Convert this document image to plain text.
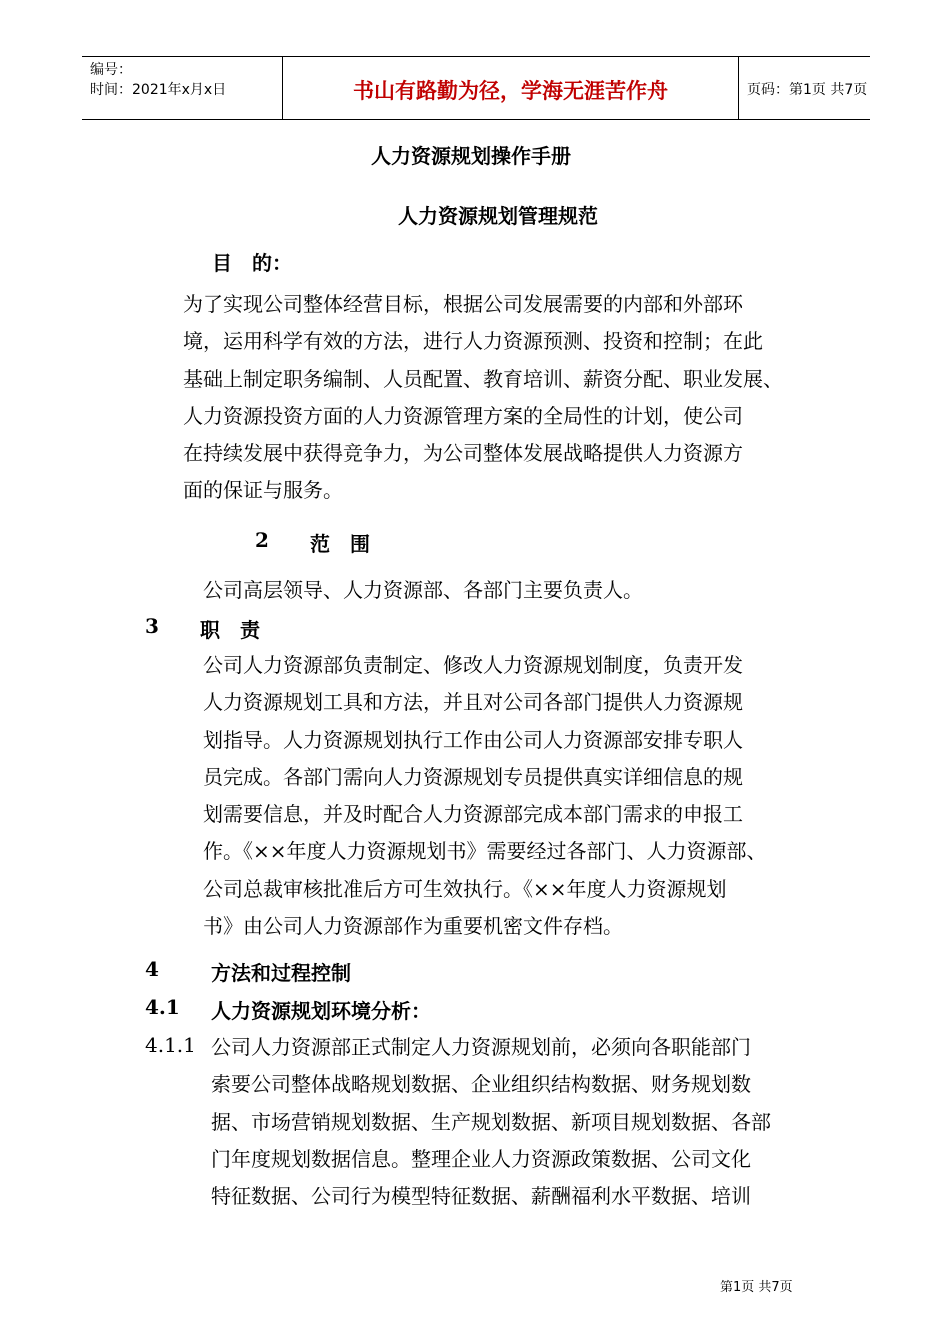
编号：
时间：2021年x月x日	书山有路勤为径，学海无涯苦作舟	页码：第1页 共7页
人力资源规划操作手册
人力资源规划管理规范
目　的：
为了实现公司整体经营目标，根据公司发展需要的内部和外部环
境，运用科学有效的方法，进行人力资源预测、投资和控制；在此
基础上制定职务编制、人员配置、教育培训、薪资分配、职业发展、
人力资源投资方面的人力资源管理方案的全局性的计划，使公司
在持续发展中获得竞争力，为公司整体发展战略提供人力资源方
面的保证与服务。
2 范　围
公司高层领导、人力资源部、各部门主要负责人。
3 职　责
公司人力资源部负责制定、修改人力资源规划制度，负责开发
人力资源规划工具和方法，并且对公司各部门提供人力资源规
划指导。人力资源规划执行工作由公司人力资源部安排专职人
员完成。各部门需向人力资源规划专员提供真实详细信息的规
划需要信息，并及时配合人力资源部完成本部门需求的申报工
作。《××年度人力资源规划书》需要经过各部门、人力资源部、
公司总裁审核批准后方可生效执行。《××年度人力资源规划
书》由公司人力资源部作为重要机密文件存档。
4	方法和过程控制
4.1 人力资源规划环境分析：
4.1.1 公司人力资源部正式制定人力资源规划前，必须向各职能部门
索要公司整体战略规划数据、企业组织结构数据、财务规划数
据、市场营销规划数据、生产规划数据、新项目规划数据、各部
门年度规划数据信息。整理企业人力资源政策数据、公司文化
特征数据、公司行为模型特征数据、薪酬福利水平数据、培训
第1页 共7页
